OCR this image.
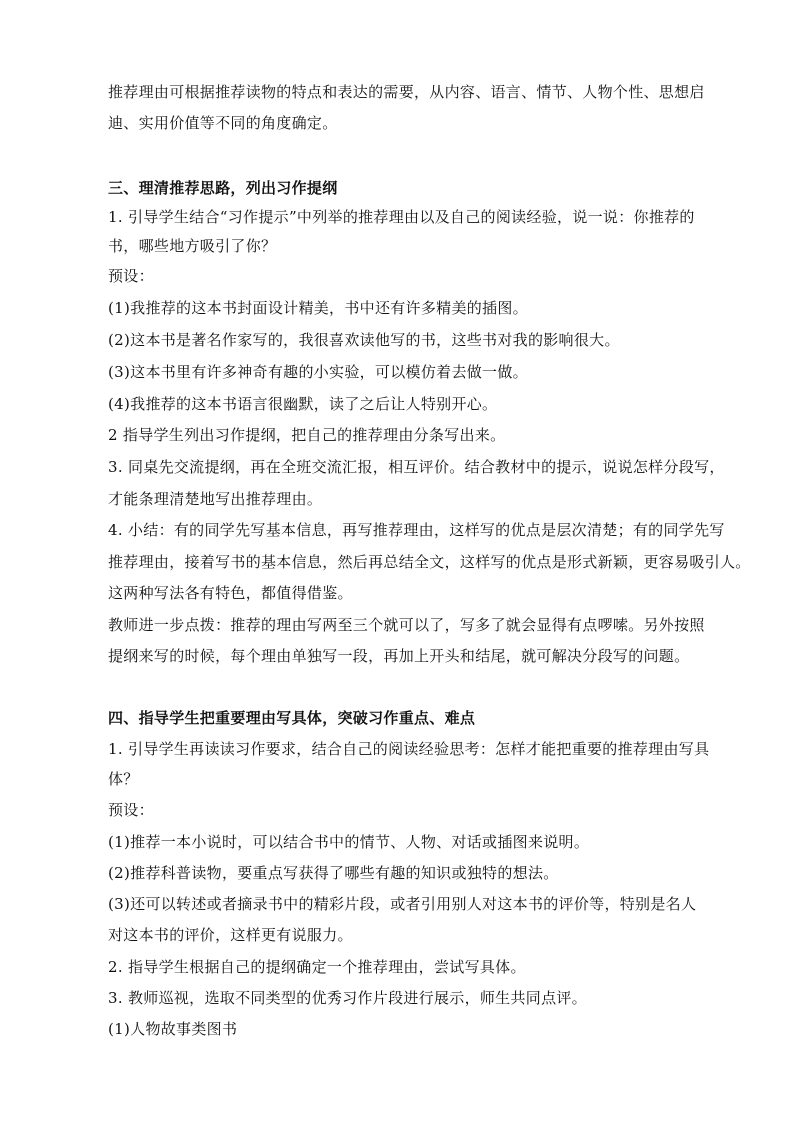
推荐理由可根据推荐读物的特点和表达的需要，从内容、语言、情节、人物个性、思想启
迪、实用价值等不同的角度确定。
三、理清推荐思路，列出习作提纲
1. 引导学生结合“习作提示”中列举的推荐理由以及自己的阅读经验，说一说：你推荐的
书，哪些地方吸引了你？
预设：
(1)我推荐的这本书封面设计精美，书中还有许多精美的插图。
(2)这本书是著名作家写的，我很喜欢读他写的书，这些书对我的影响很大。
(3)这本书里有许多神奇有趣的小实验，可以模仿着去做一做。
(4)我推荐的这本书语言很幽默，读了之后让人特别开心。
2 指导学生列出习作提纲，把自己的推荐理由分条写出来。
3. 同桌先交流提纲，再在全班交流汇报，相互评价。结合教材中的提示，说说怎样分段写，
才能条理清楚地写出推荐理由。
4. 小结：有的同学先写基本信息，再写推荐理由，这样写的优点是层次清楚；有的同学先写
推荐理由，接着写书的基本信息，然后再总结全文，这样写的优点是形式新颖，更容易吸引人。
这两种写法各有特色，都值得借鉴。
教师进一步点拨：推荐的理由写两至三个就可以了，写多了就会显得有点啰嗦。另外按照
提纲来写的时候，每个理由单独写一段，再加上开头和结尾，就可解决分段写的问题。
四、指导学生把重要理由写具体，突破习作重点、难点
1. 引导学生再读读习作要求，结合自己的阅读经验思考：怎样才能把重要的推荐理由写具
体？
预设：
(1)推荐一本小说时，可以结合书中的情节、人物、对话或插图来说明。
(2)推荐科普读物，要重点写获得了哪些有趣的知识或独特的想法。
(3)还可以转述或者摘录书中的精彩片段，或者引用别人对这本书的评价等，特别是名人
对这本书的评价，这样更有说服力。
2. 指导学生根据自己的提纲确定一个推荐理由，尝试写具体。
3. 教师巡视，选取不同类型的优秀习作片段进行展示，师生共同点评。
(1)人物故事类图书
